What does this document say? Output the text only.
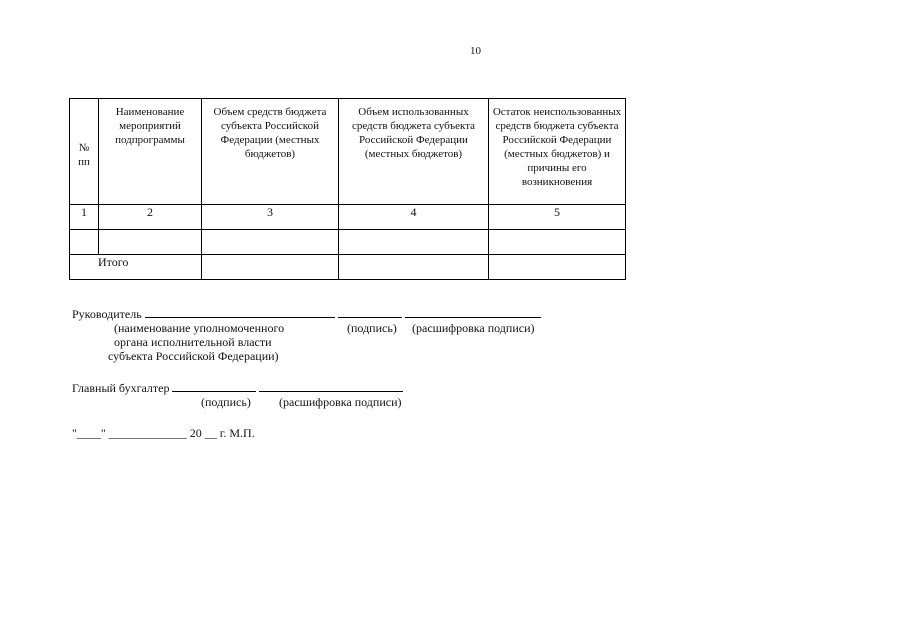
10
№ пп	Наименование мероприятий подпрограммы	Объем средств бюджета субъекта Российской Федерации (местных бюджетов)	Объем использованных средств бюджета субъекта Российской Федерации (местных бюджетов)	Остаток неиспользованных средств бюджета субъекта Российской Федерации (местных бюджетов) и причины его возникновения
1	2	3	4	5

Итого				
Руководитель
(наименование уполномоченного	(подпись) (расшифровка подписи)
органа исполнительной власти
субъекта Российской Федерации)
Главный бухгалтер
(подпись) (расшифровка подписи)
"____" _____________ 20 __ г. М.П.
